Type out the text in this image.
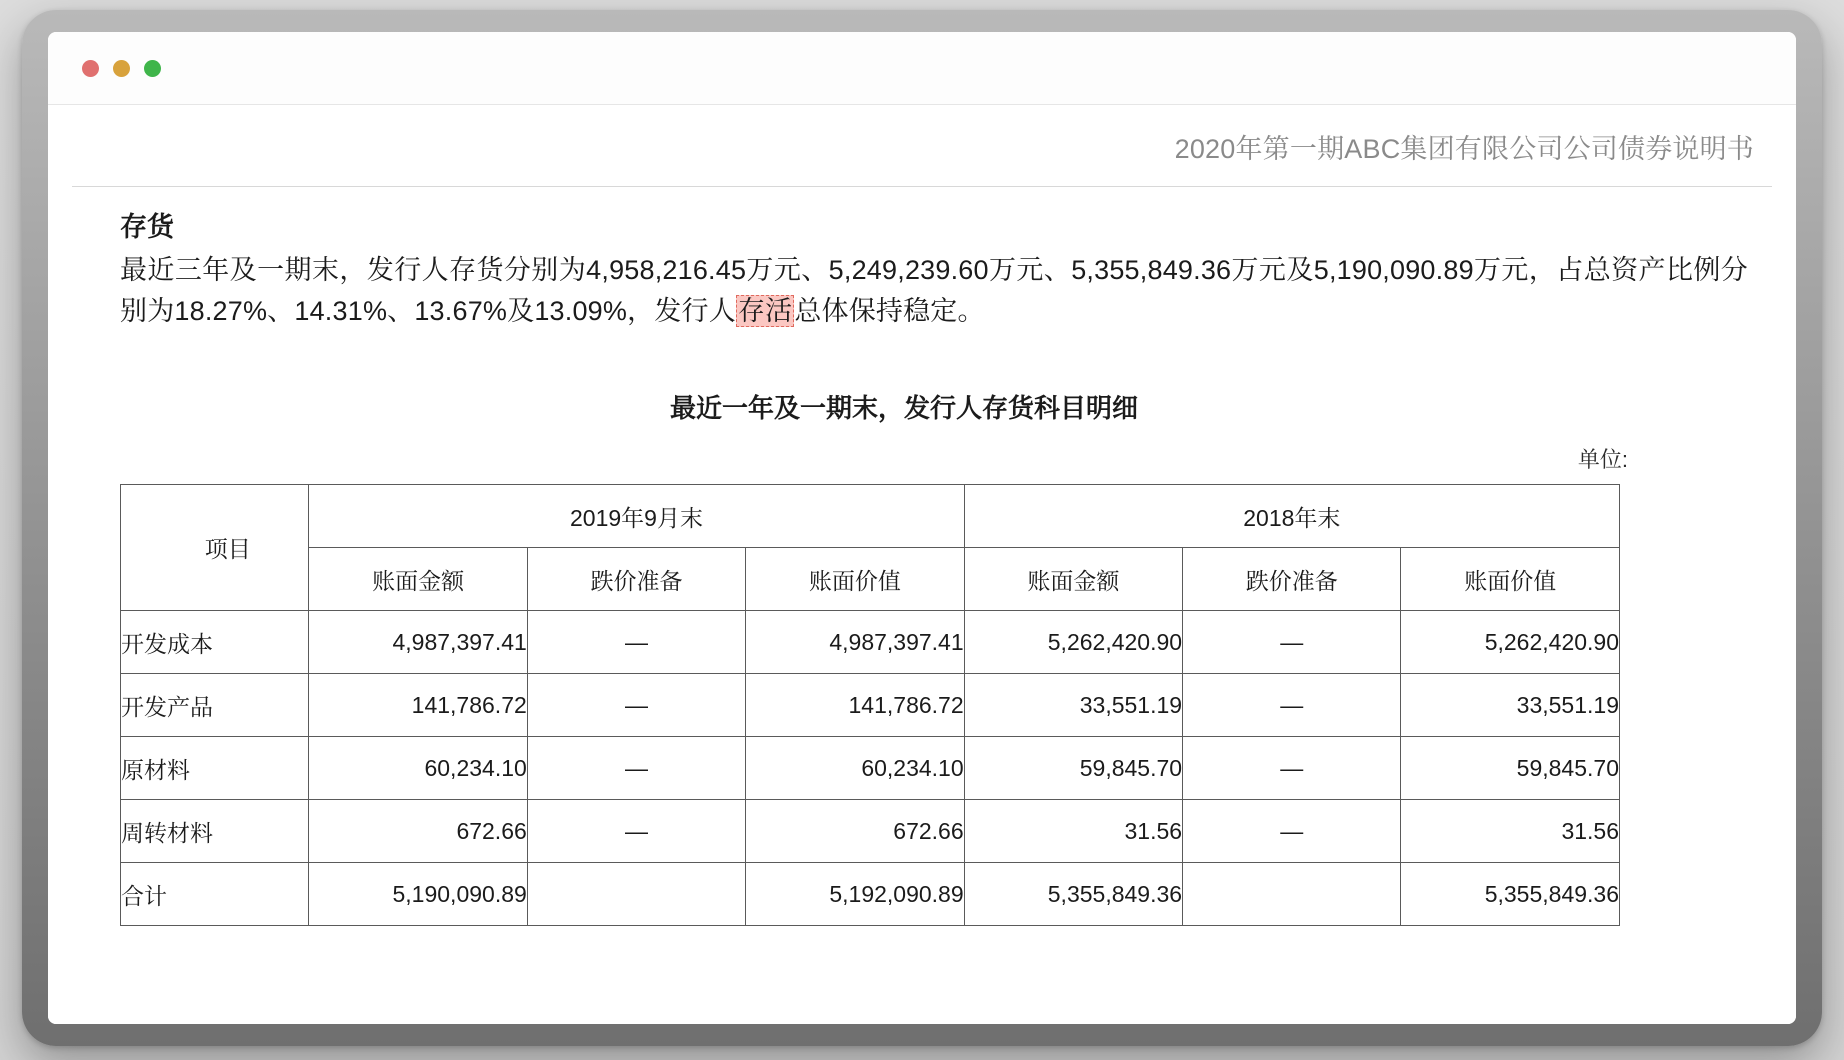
2020年第一期ABC集团有限公司公司债券说明书
存货

最近三年及一期末，发行人存货分别为4,958,216.45万元、5,249,239.60万元、5,355,849.36万元及5,190,090.89万元，占总资产比例分别为18.27%、14.31%、13.67%及13.09%，发行人存活总体保持稳定。

最近一年及一期末，发行人存货科目明细
单位:
项目	2019年9月末			2018年末		
	账面金额	跌价准备	账面价值	账面金额	跌价准备	账面价值
开发成本	4,987,397.41	—	4,987,397.41	5,262,420.90	—	5,262,420.90
开发产品	141,786.72	—	141,786.72	33,551.19	—	33,551.19
原材料	60,234.10	—	60,234.10	59,845.70	—	59,845.70
周转材料	672.66	—	672.66	31.56	—	31.56
合计	5,190,090.89		5,192,090.89	5,355,849.36		5,355,849.36
